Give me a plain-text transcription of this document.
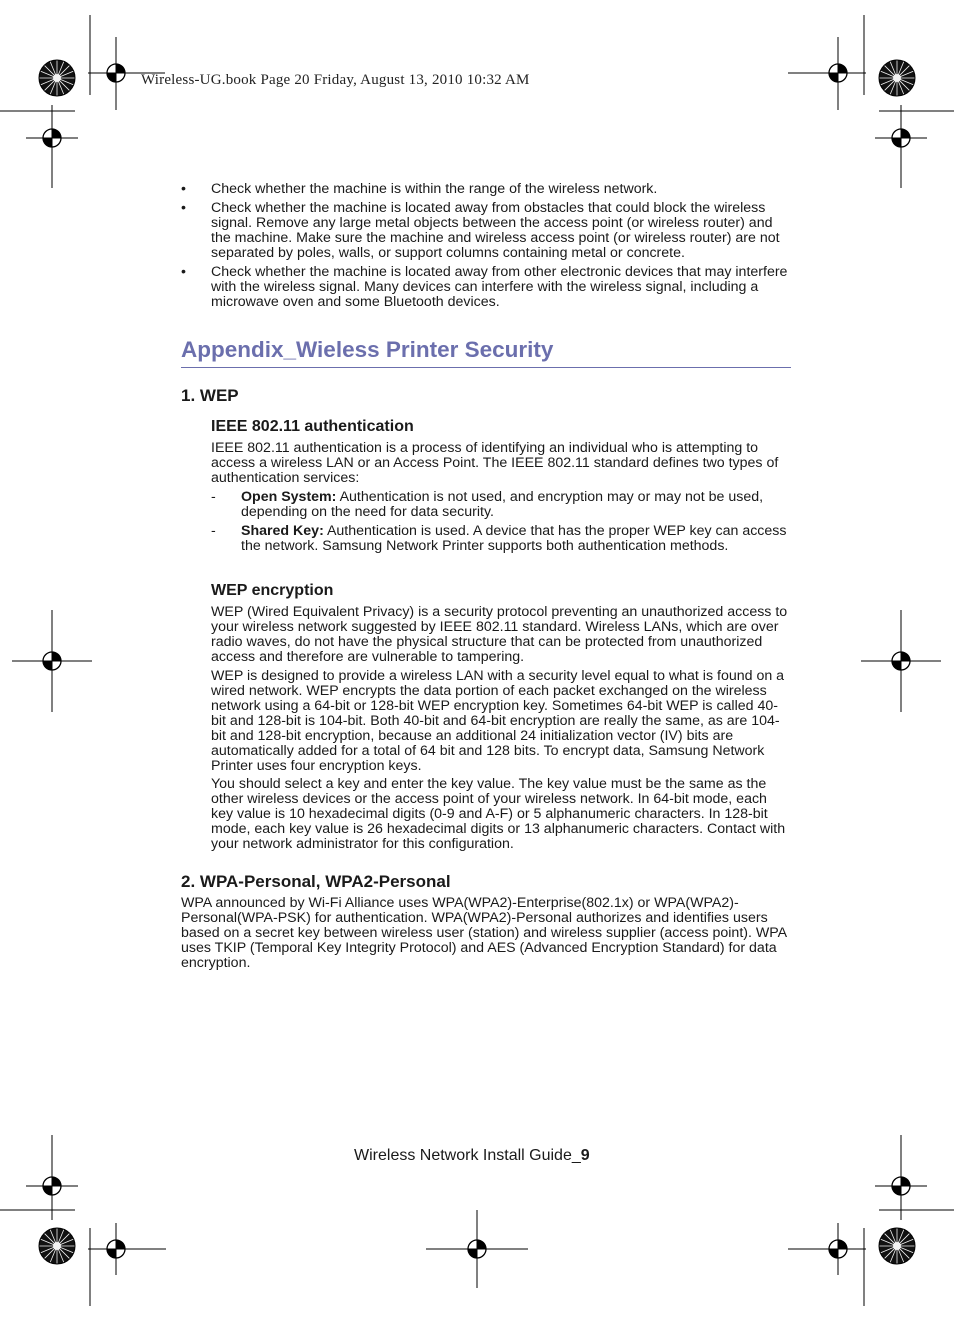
Wireless-UG.book Page 20 Friday, August 13, 2010 10:32 AM
• Check whether the machine is within the range of the wireless network.
• Check whether the machine is located away from obstacles that could block the wireless signal. Remove any large metal objects between the access point (or wireless router) and the machine. Make sure the machine and wireless access point (or wireless router) are not separated by poles, walls, or support columns containing metal or concrete.
• Check whether the machine is located away from other electronic devices that may interfere with the wireless signal. Many devices can interfere with the wireless signal, including a microwave oven and some Bluetooth devices.
Appendix_Wieless Printer Security
1. WEP
IEEE 802.11 authentication

IEEE 802.11 authentication is a process of identifying an individual who is attempting to access a wireless LAN or an Access Point. The IEEE 802.11 standard defines two types of authentication services:

- Open System: Authentication is not used, and encryption may or may not be used, depending on the need for data security.
- Shared Key: Authentication is used. A device that has the proper WEP key can access the network. Samsung Network Printer supports both authentication methods.
WEP encryption

WEP (Wired Equivalent Privacy) is a security protocol preventing an unauthorized access to your wireless network suggested by IEEE 802.11 standard. Wireless LANs, which are over radio waves, do not have the physical structure that can be protected from unauthorized access and therefore are vulnerable to tampering.

WEP is designed to provide a wireless LAN with a security level equal to what is found on a wired network. WEP encrypts the data portion of each packet exchanged on the wireless network using a 64-bit or 128-bit WEP encryption key. Sometimes 64-bit WEP is called 40-bit and 128-bit is 104-bit. Both 40-bit and 64-bit encryption are really the same, as are 104-bit and 128-bit encryption, because an additional 24 initialization vector (IV) bits are automatically added for a total of 64 bit and 128 bits. To encrypt data, Samsung Network Printer uses four encryption keys.

You should select a key and enter the key value. The key value must be the same as the other wireless devices or the access point of your wireless network. In 64-bit mode, each key value is 10 hexadecimal digits (0-9 and A-F) or 5 alphanumeric characters. In 128-bit mode, each key value is 26 hexadecimal digits or 13 alphanumeric characters. Contact with your network administrator for this configuration.

2. WPA-Personal, WPA2-Personal

WPA announced by Wi-Fi Alliance uses WPA(WPA2)-Enterprise(802.1x) or WPA(WPA2)-Personal(WPA-PSK) for authentication. WPA(WPA2)-Personal authorizes and identifies users based on a secret key between wireless user (station) and wireless supplier (access point). WPA uses TKIP (Temporal Key Integrity Protocol) and AES (Advanced Encryption Standard) for data encryption.

Wireless Network Install Guide_9
